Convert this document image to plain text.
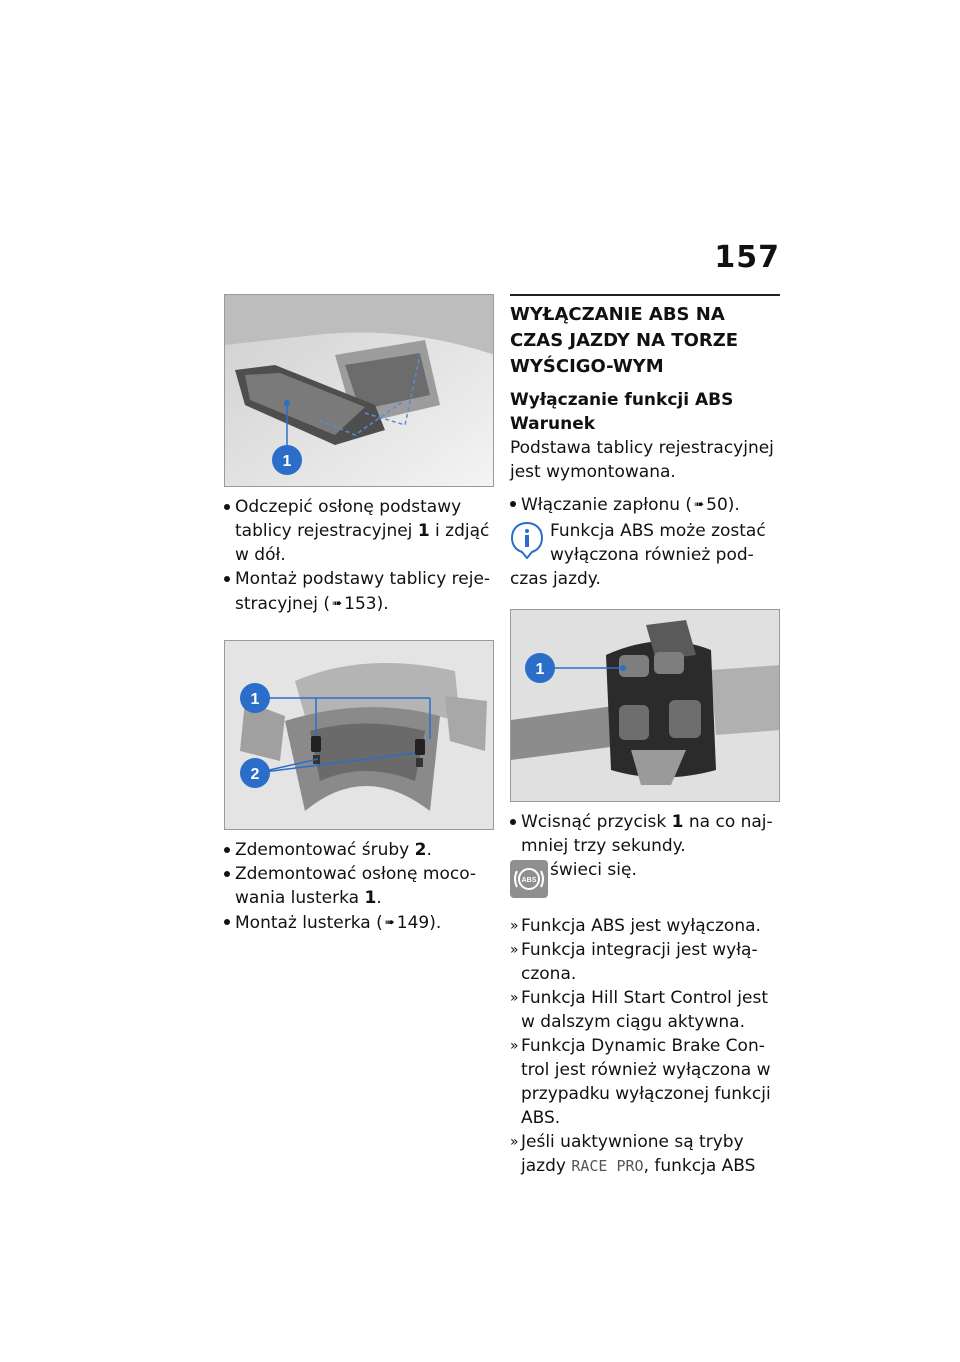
157
1
Odczepić osłonę podstawy tablicy rejestracyjnej 1 i zdjąć w dół.
Montaż podstawy tablicy reje-stracyjnej ( ➠ 153).
1
2
Zdemontować śruby 2.
Zdemontować osłonę moco-wania lusterka 1.
Montaż lusterka ( ➠ 149).
WYŁĄCZANIE ABS NA CZAS JAZDY NA TORZE WYŚCIGO-WYM
Wyłączanie funkcji ABS
Warunek
Podstawa tablicy rejestracyjnej jest wymontowana.
Włączanie zapłonu ( ➠ 50).
Funkcja ABS może zostać
wyłączona również pod-
czas jazdy.
1
Wcisnąć przycisk 1 na co naj-mniej trzy sekundy.
ABS
świeci się.
» Funkcja ABS jest wyłączona.
» Funkcja integracji jest wyłą-czona.
» Funkcja Hill Start Control jest w dalszym ciągu aktywna.
» Funkcja Dynamic Brake Con-trol jest również wyłączona w przypadku wyłączonej funkcji ABS.
» Jeśli uaktywnione są tryby jazdy RACE PRO, funkcja ABS
